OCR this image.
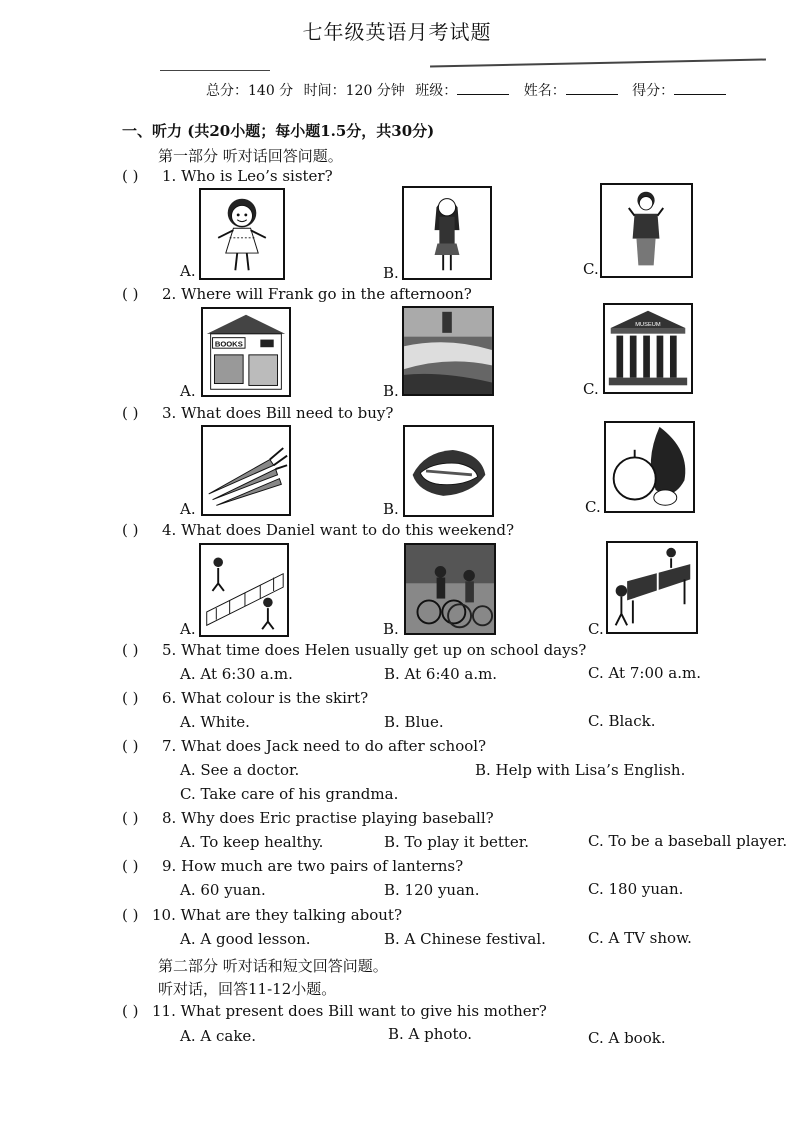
七年级英语月考试题
总分：140 分 时间：120 分钟 班级：	姓名：	得分：
一、听力 (共20小题；每小题1.5分，共30分)
第一部分 听对话回答问题。
( ) 1. Who is Leo’s sister?
A.	B.	C.
( ) 2. Where will Frank go in the afternoon?
A.
BOOKS
B.	C.
MUSEUM
( ) 3. What does Bill need to buy?
A.	B.	C.
( ) 4. What does Daniel want to do this weekend?
A.	B.	C.
( ) 5. What time does Helen usually get up on school days?
A. At 6:30 a.m.	B. At 6:40 a.m.	C. At 7:00 a.m.
( ) 6. What colour is the skirt?
A. White.	B. Blue.	C. Black.
( ) 7. What does Jack need to do after school?
A. See a doctor.	B. Help with Lisa’s English.
C. Take care of his grandma.
( ) 8. Why does Eric practise playing baseball?
A. To keep healthy.	B. To play it better.	C. To be a baseball player.
( ) 9. How much are two pairs of lanterns?
A. 60 yuan.	B. 120 yuan.	C. 180 yuan.
( ) 10. What are they talking about?
A. A good lesson.	B. A Chinese festival.	C. A TV show.
第二部分 听对话和短文回答问题。
听对话，回答11-12小题。
( ) 11. What present does Bill want to give his mother?
A. A cake.	B. A photo.	C. A book.
